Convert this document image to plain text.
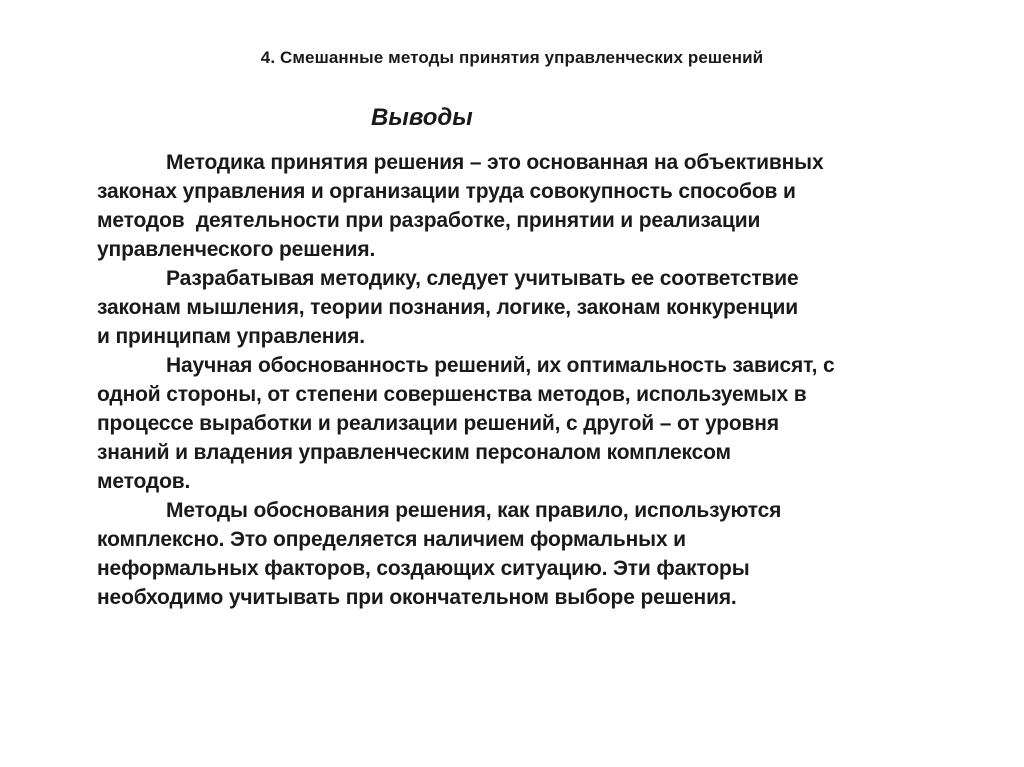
4. Смешанные методы принятия управленческих решений
Выводы

Методика принятия решения – это основанная на объективных
законах управления и организации труда совокупность способов и
методов  деятельности при разработке, принятии и реализации
управленческого решения.

Разрабатывая методику, следует учитывать ее соответствие
законам мышления, теории познания, логике, законам конкуренции
и принципам управления.

Научная обоснованность решений, их оптимальность зависят, с
одной стороны, от степени совершенства методов, используемых в
процессе выработки и реализации решений, с другой – от уровня
знаний и владения управленческим персоналом комплексом
методов.

Методы обоснования решения, как правило, используются
комплексно. Это определяется наличием формальных и
неформальных факторов, создающих ситуацию. Эти факторы
необходимо учитывать при окончательном выборе решения.
